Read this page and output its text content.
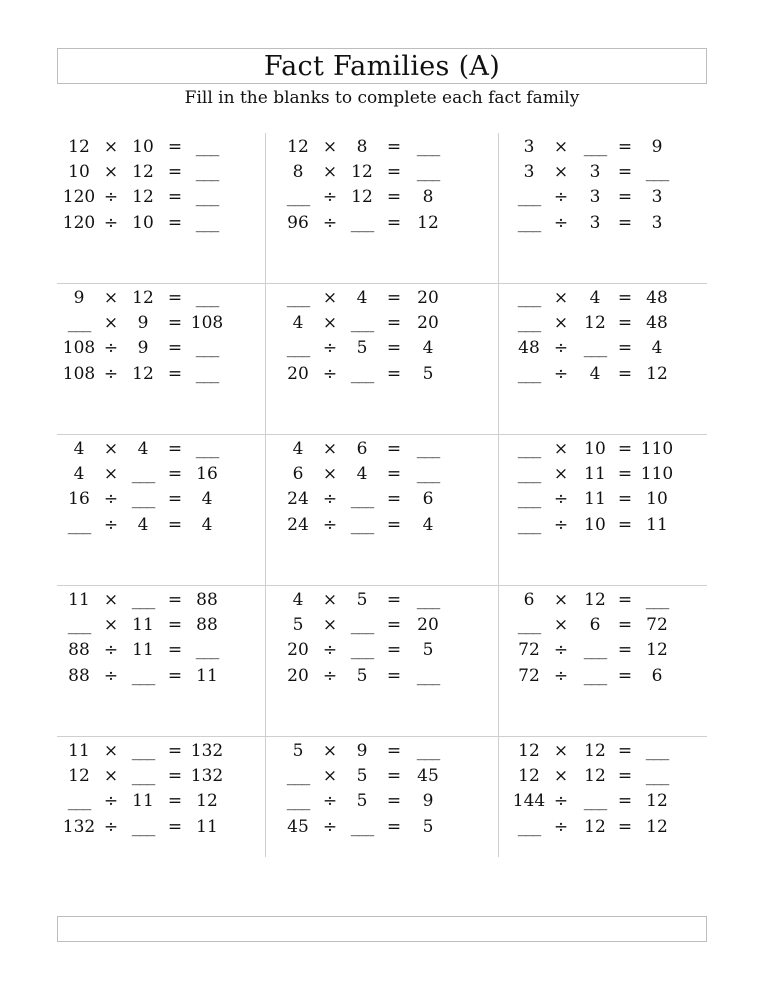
Fact Families (A)
Fill in the blanks to complete each fact family
12 × 10 = ___
10 × 12 = ___
120 ÷ 12 = ___
120 ÷ 10 = ___
12 ×	8	= ___
8	× 12 = ___
___ ÷ 12 =	8
96 ÷ ___ = 12
3	× ___ =	9
3	×	3	= ___
___ ÷	3	=	3
___ ÷	3	=	3
9	× 12 = ___
___ ×	9	= 108
108 ÷	9	= ___
108 ÷ 12 = ___
___ ×	4	= 20
4	× ___ = 20
___ ÷	5	=	4
20 ÷ ___ =	5
___ ×	4	= 48
___ × 12 = 48
48 ÷ ___ =	4
___ ÷	4	= 12
4	×	4	= ___
4	× ___ = 16
16 ÷ ___ =	4
___ ÷	4	=	4
4	×	6	= ___
6	×	4	= ___
24 ÷ ___ =	6
24 ÷ ___ =	4
___ × 10 = 110
___ × 11 = 110
___ ÷ 11 = 10
___ ÷ 10 = 11
11 × ___ = 88
___ × 11 = 88
88 ÷ 11 = ___
88 ÷ ___ = 11
4	×	5	= ___
5	× ___ = 20
20 ÷ ___ =	5
20 ÷	5	= ___
6	× 12 = ___
___ ×	6	= 72
72 ÷ ___ = 12
72 ÷ ___ =	6
11 × ___ = 132
12 × ___ = 132
___ ÷ 11 = 12
132 ÷ ___ = 11
5	×	9	= ___
___ ×	5	= 45
___ ÷	5	=	9
45 ÷ ___ =	5
12 × 12 = ___
12 × 12 = ___
144 ÷ ___ = 12
___ ÷ 12 = 12
